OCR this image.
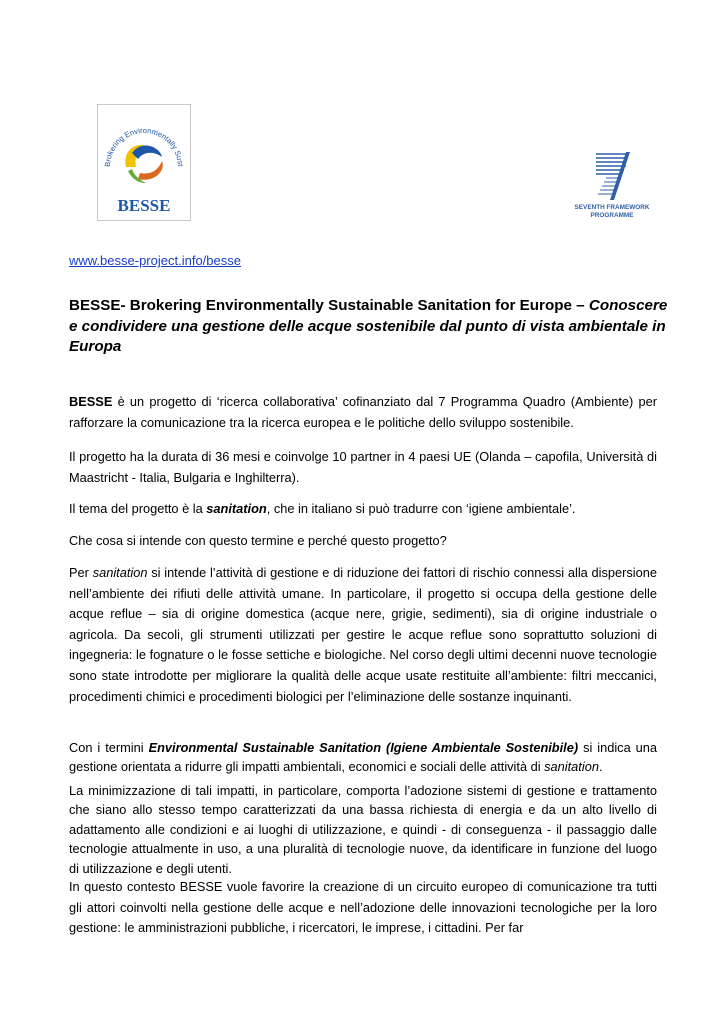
Brokering Environmentally Sust
BESSE	SEVENTH FRAMEWORK
PROGRAMME
www.besse-project.info/besse
BESSE- Brokering Environmentally Sustainable Sanitation for Europe – Conoscere e condividere una gestione delle acque sostenibile dal punto di vista ambientale in Europa
BESSE è un progetto di ‘ricerca collaborativa’ cofinanziato dal 7 Programma Quadro (Ambiente) per rafforzare la comunicazione tra la ricerca europea e le politiche dello sviluppo sostenibile.
Il progetto ha la durata di 36 mesi e coinvolge 10 partner in 4 paesi UE (Olanda – capofila, Università di Maastricht - Italia, Bulgaria e Inghilterra).
Il tema del progetto è la sanitation, che in italiano si può tradurre con ‘igiene ambientale’.
Che cosa si intende con questo termine e perché questo progetto?
Per sanitation si intende l’attività di gestione e di riduzione dei fattori di rischio connessi alla dispersione nell’ambiente dei rifiuti delle attività umane. In particolare, il progetto si occupa della gestione delle acque reflue – sia di origine domestica (acque nere, grigie, sedimenti), sia di origine industriale o agricola. Da secoli, gli strumenti utilizzati per gestire le acque reflue sono soprattutto soluzioni di ingegneria: le fognature o le fosse settiche e biologiche. Nel corso degli ultimi decenni nuove tecnologie sono state introdotte per migliorare la qualità delle acque usate restituite all’ambiente: filtri meccanici, procedimenti chimici e procedimenti biologici per l’eliminazione delle sostanze inquinanti.
Con i termini Environmental Sustainable Sanitation (Igiene Ambientale Sostenibile) si indica una gestione orientata a ridurre gli impatti ambientali, economici e sociali delle attività di sanitation.
La minimizzazione di tali impatti, in particolare, comporta l’adozione sistemi di gestione e trattamento che siano allo stesso tempo caratterizzati da una bassa richiesta di energia e da un alto livello di adattamento alle condizioni e ai luoghi di utilizzazione, e quindi - di conseguenza - il passaggio dalle tecnologie attualmente in uso, a una pluralità di tecnologie nuove, da identificare in funzione del luogo di utilizzazione e degli utenti.
In questo contesto BESSE vuole favorire la creazione di un circuito europeo di comunicazione tra tutti gli attori coinvolti nella gestione delle acque e nell’adozione delle innovazioni tecnologiche per la loro gestione: le amministrazioni pubbliche, i ricercatori, le imprese, i cittadini. Per far
